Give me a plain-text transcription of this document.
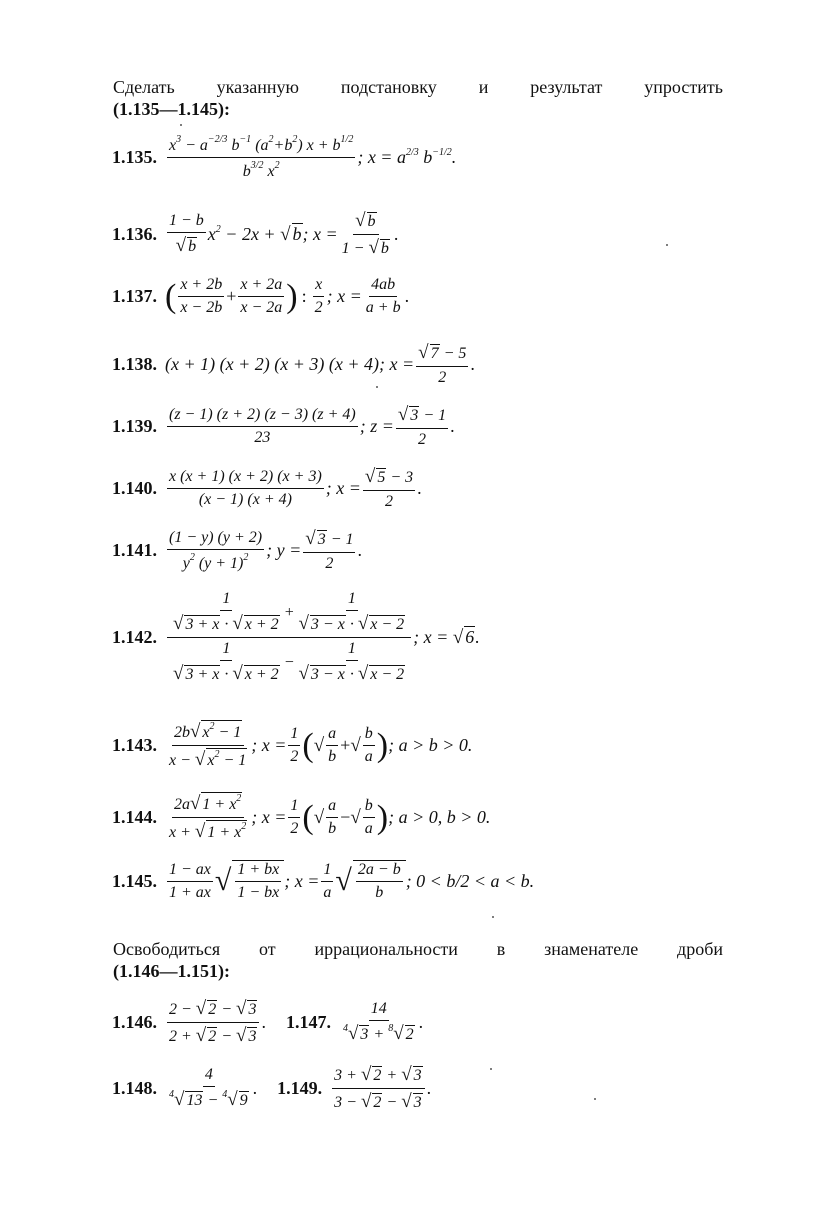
Сделать указанную подстановку и результат упростить
(1.135—1.145):
1.135. $\frac{x^3 - a^{-2/3} b^{-1} (a^2+b^2) x + b^{1/2}}{b^{3/2} x^2}$ ; $x = a^{2/3}$ $b^{-1/2}$.
1.136. $\frac{1 - b}{√ b} x^2 - 2x$ + √ b; $x = \frac{√ b}{1 - √ b}$ .
1.137. ( $\frac{x + 2b}{x - 2b} + \frac{x + 2a}{x - 2a}$ ) : $\frac{x}{2}$ ; $x = \frac{4ab}{a + b}$ .
1.138. (x + 1) (x + 2) (x + 3) (x + 4); $x = \frac{√ 7 - 5}{2}$ .
1.139. $\frac{(z - 1) (z + 2) (z - 3) (z + 4)}{23}$ ; $z = \frac{√ 3 - 1}{2}$ .
1.140. $\frac{x (x + 1) (x + 2) (x + 3)}{(x - 1) (x + 4)}$ ; $x = \frac{√ 5 - 3}{2}$ .
1.141. $\frac{(1 - y) (y + 2)}{y^2 (y + 1)^2}$ ; $y = \frac{√ 3 - 1}{2}$ .
1.142. $\frac{\frac{1}{√ 3 + x \cdot √ x + 2} + \frac{1}{√ 3 - x \cdot √ x - 2}}{\frac{1}{√ 3 + x \cdot √ x + 2} - \frac{1}{√ 3 - x \cdot √ x - 2}}$ ; x = √ 6.
1.143. $\frac{2b√ x^2 - 1}{x - √ x^2 - 1}$ ; $x = \frac{1}{2}$ ( √ $\frac{a}{b}$ + √ $\frac{b}{a}$ ) ; a > b > 0.
1.144. $\frac{2a√ 1 + x^2}{x + √ 1 + x^2}$ ; $x = \frac{1}{2}$ ( √ $\frac{a}{b}$ − √ $\frac{b}{a}$ ) ; a > 0, b > 0.
1.145. $\frac{1 - ax}{1 + ax}$ √ $\frac{1 + bx}{1 - bx}$ ; $x = \frac{1}{a}$ √ $\frac{2a - b}{b}$ ; 0 < b/2 < a < b.
Освободиться от иррациональности в знаменателе дроби
(1.146—1.151):
1.146. $\frac{2 - √ 2 - √ 3}{2 + √ 2 - √ 3}$ . 1.147. $\frac{14}{^4√ 3 + ^8√ 2}$ .
1.148. $\frac{4}{^4√ 13 - ^4√ 9}$ . 1.149. $\frac{3 + √ 2 + √ 3}{3 - √ 2 - √ 3}$ .
